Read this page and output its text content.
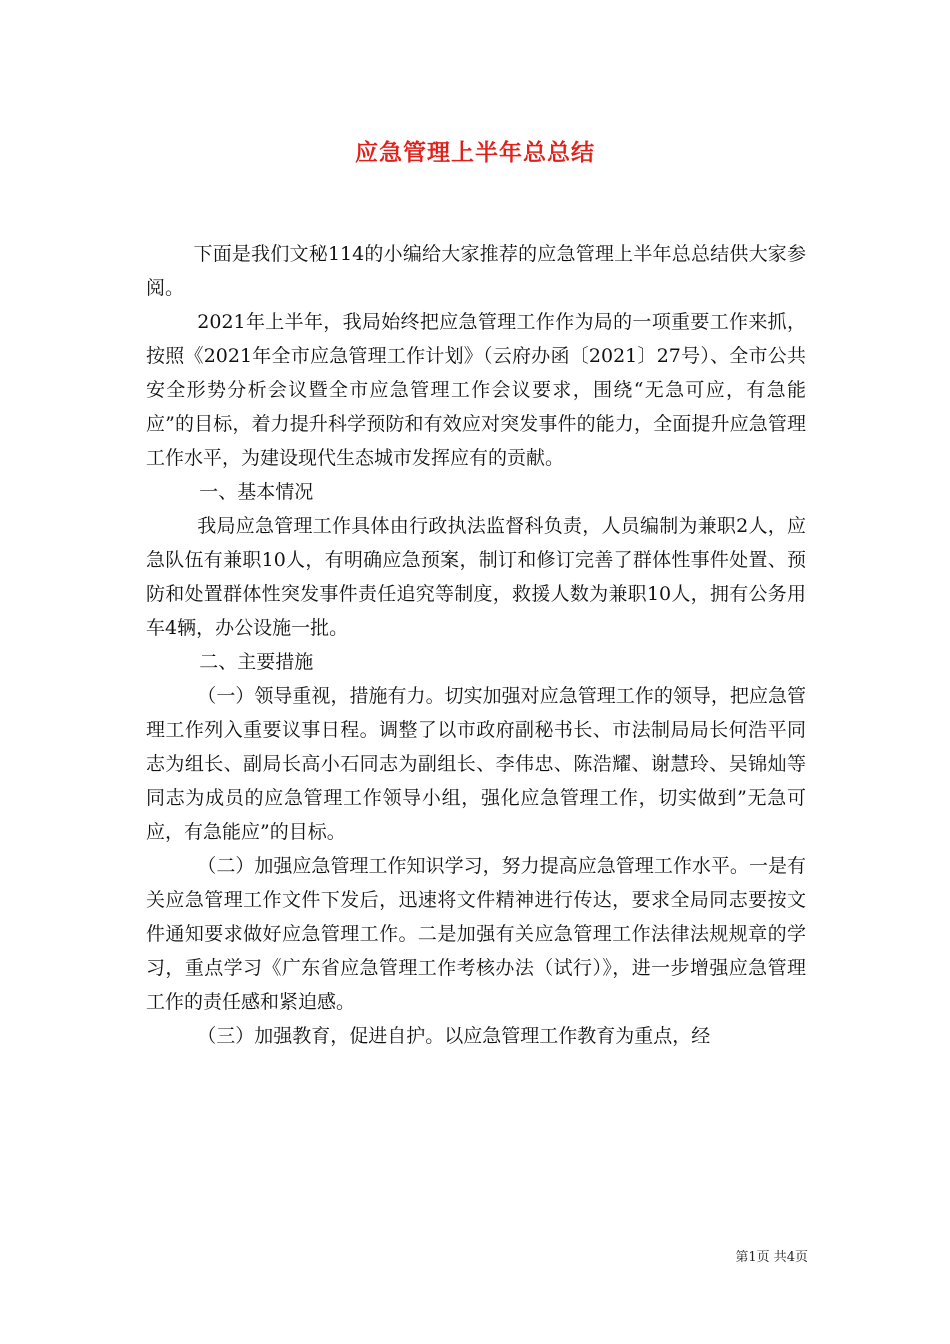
应急管理上半年总总结

下面是我们文秘114的小编给大家推荐的应急管理上半年总总结供大家参阅。

2021年上半年，我局始终把应急管理工作作为局的一项重要工作来抓，按照《2021年全市应急管理工作计划》（云府办函〔2021〕27号）、全市公共安全形势分析会议暨全市应急管理工作会议要求，围绕“无急可应，有急能应”的目标，着力提升科学预防和有效应对突发事件的能力，全面提升应急管理工作水平，为建设现代生态城市发挥应有的贡献。

一、基本情况

我局应急管理工作具体由行政执法监督科负责，人员编制为兼职2人，应急队伍有兼职10人，有明确应急预案，制订和修订完善了群体性事件处置、预防和处置群体性突发事件责任追究等制度，救援人数为兼职10人，拥有公务用车4辆，办公设施一批。

二、主要措施

（一）领导重视，措施有力。切实加强对应急管理工作的领导，把应急管理工作列入重要议事日程。调整了以市政府副秘书长、市法制局局长何浩平同志为组长、副局长高小石同志为副组长、李伟忠、陈浩耀、谢慧玲、吴锦灿等同志为成员的应急管理工作领导小组，强化应急管理工作，切实做到”无急可应，有急能应”的目标。

（二）加强应急管理工作知识学习，努力提高应急管理工作水平。一是有关应急管理工作文件下发后，迅速将文件精神进行传达，要求全局同志要按文件通知要求做好应急管理工作。二是加强有关应急管理工作法律法规规章的学习，重点学习《广东省应急管理工作考核办法（试行）》，进一步增强应急管理工作的责任感和紧迫感。

（三）加强教育，促进自护。以应急管理工作教育为重点，经

第1页 共4页
